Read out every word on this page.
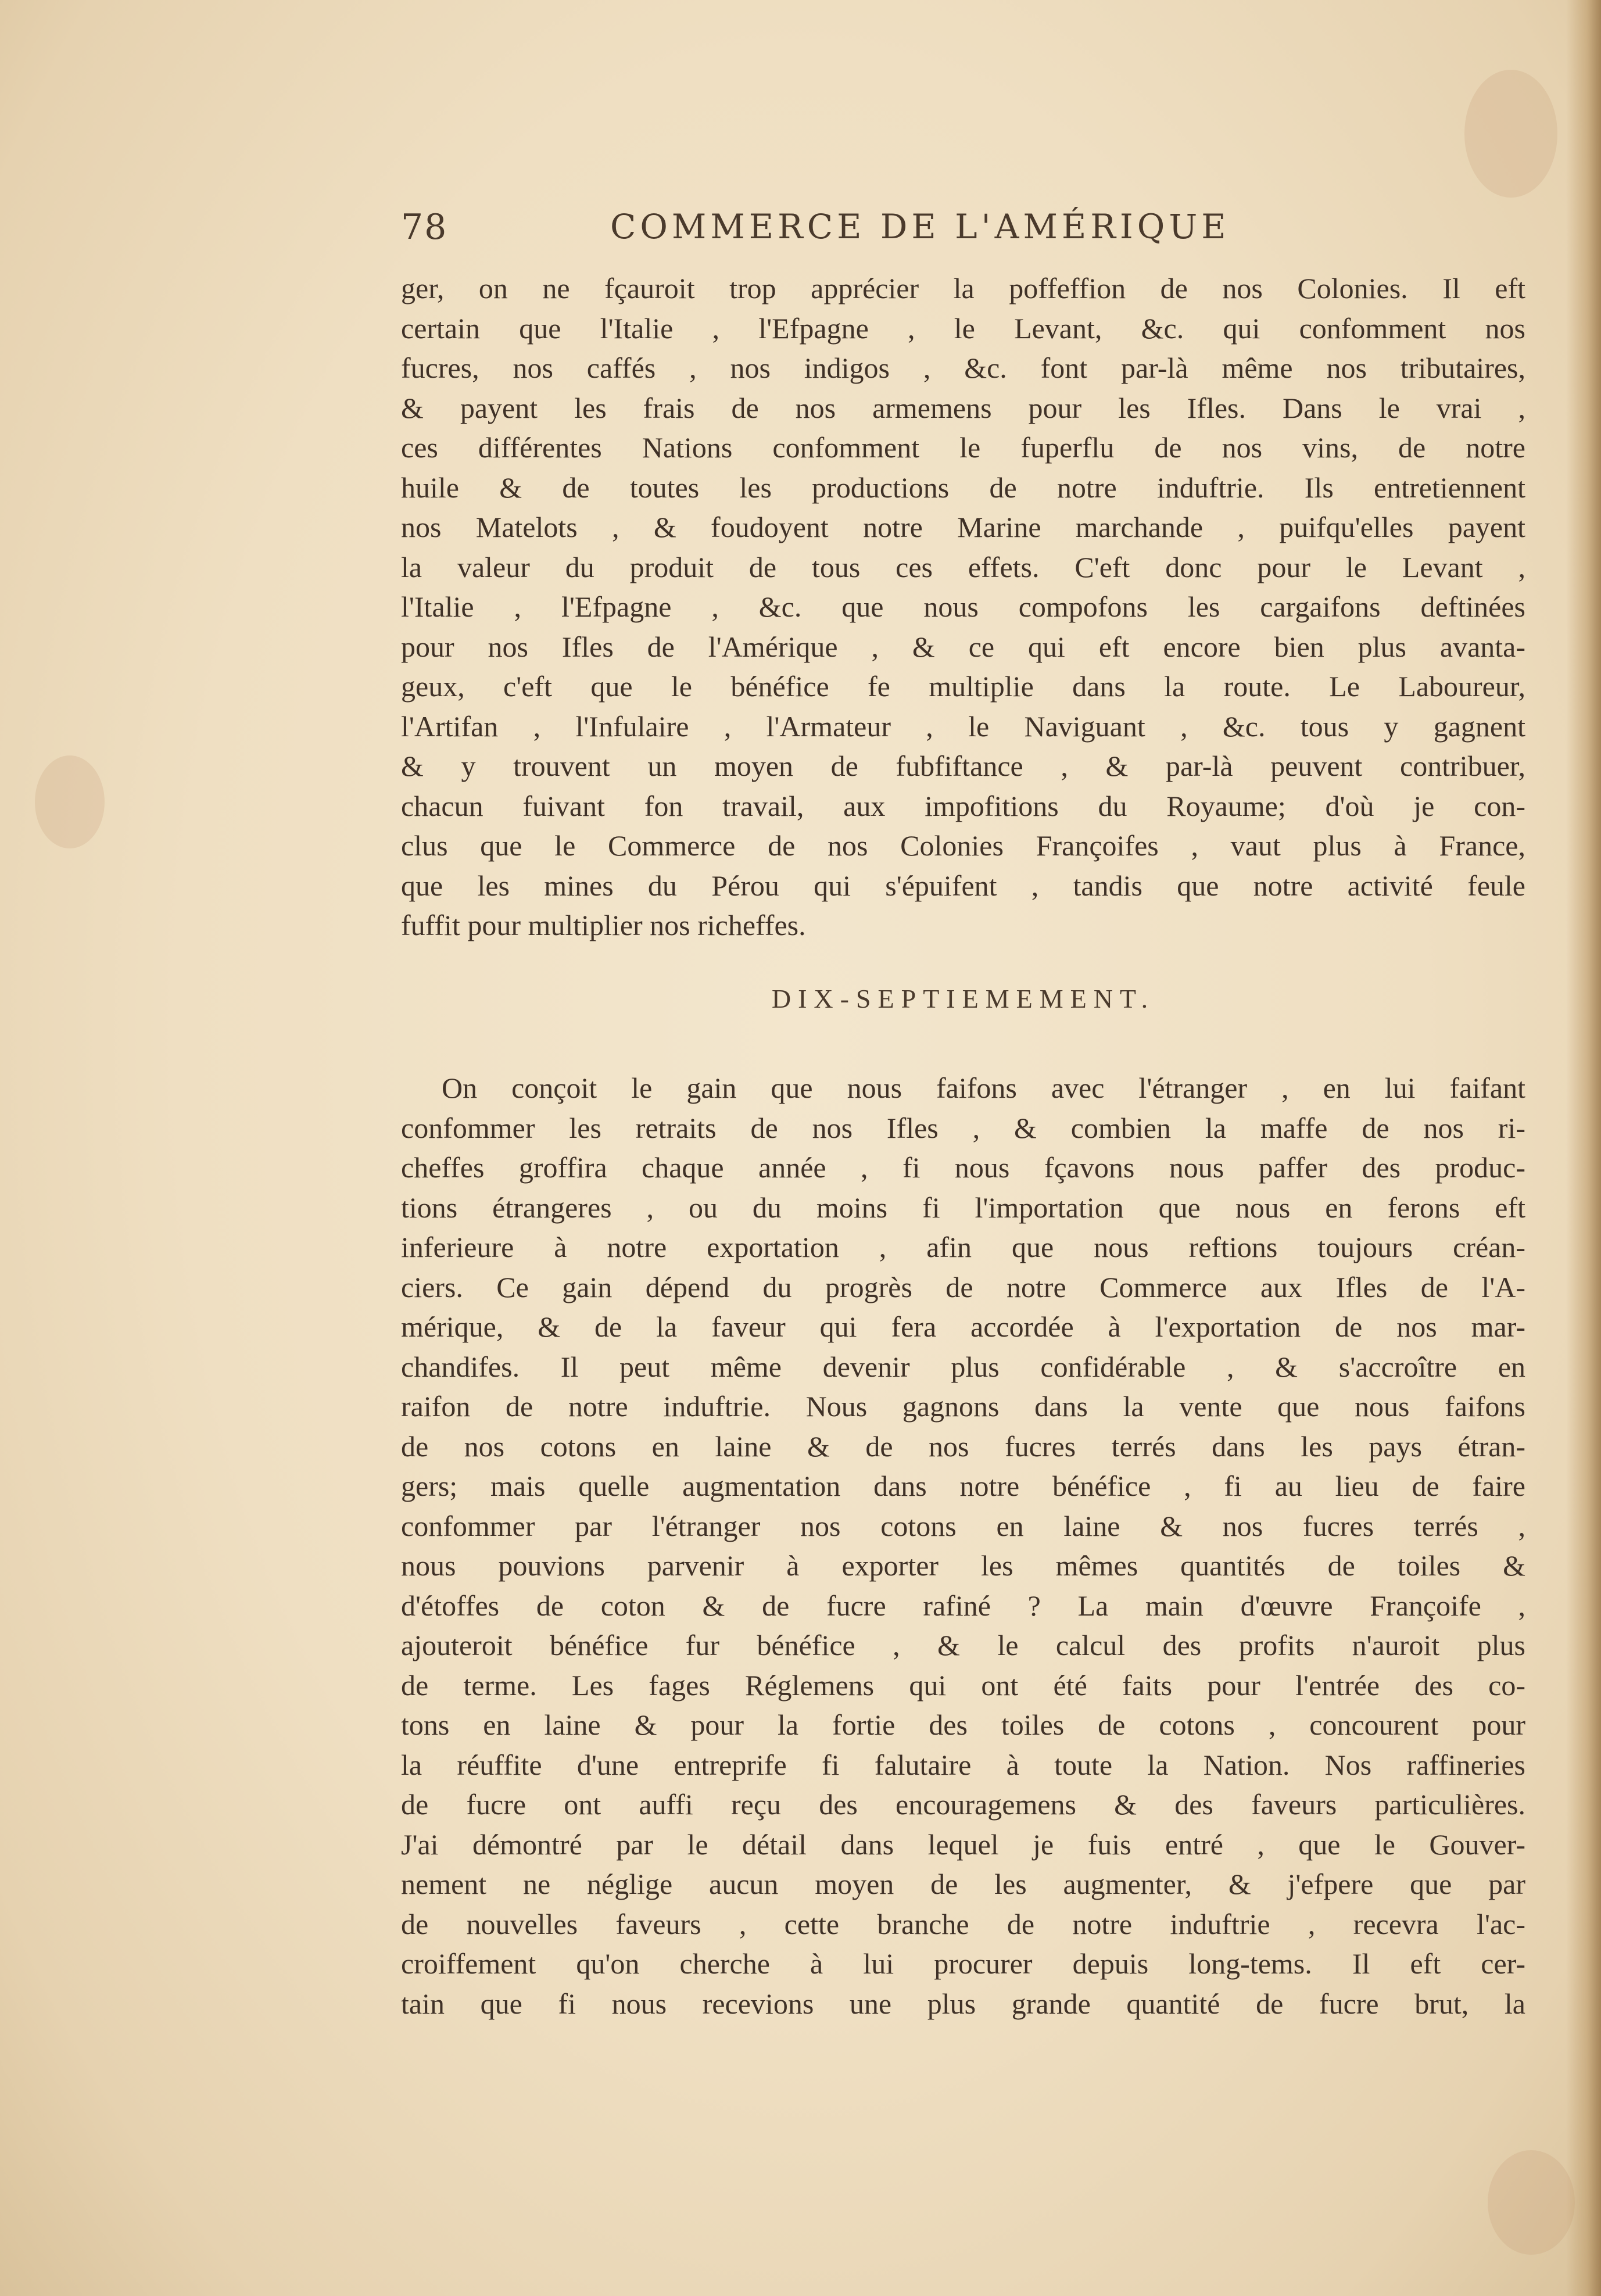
78	COMMERCE DE L'AMÉRIQUE
ger, on ne fçauroit trop apprécier la poffeffion de nos Colonies. Il eft
certain que l'Italie , l'Efpagne , le Levant, &c. qui confomment nos
fucres, nos caffés , nos indigos , &c. font par-là même nos tributaires,
& payent les frais de nos armemens pour les Ifles. Dans le vrai ,
ces différentes Nations confomment le fuperflu de nos vins, de notre
huile & de toutes les productions de notre induftrie. Ils entretiennent
nos Matelots , & foudoyent notre Marine marchande , puifqu'elles payent
la valeur du produit de tous ces effets. C'eft donc pour le Levant ,
l'Italie , l'Efpagne , &c. que nous compofons les cargaifons deftinées
pour nos Ifles de l'Amérique , & ce qui eft encore bien plus avanta-
geux, c'eft que le bénéfice fe multiplie dans la route. Le Laboureur,
l'Artifan , l'Infulaire , l'Armateur , le Naviguant , &c. tous y gagnent
& y trouvent un moyen de fubfiftance , & par-là peuvent contribuer,
chacun fuivant fon travail, aux impofitions du Royaume; d'où je con-
clus que le Commerce de nos Colonies Françoifes , vaut plus à France,
que les mines du Pérou qui s'épuifent , tandis que notre activité feule
fuffit pour multiplier nos richeffes.
DIX-SEPTIEMEMENT.
On conçoit le gain que nous faifons avec l'étranger , en lui faifant
confommer les retraits de nos Ifles , & combien la maffe de nos ri-
cheffes groffira chaque année , fi nous fçavons nous paffer des produc-
tions étrangeres , ou du moins fi l'importation que nous en ferons eft
inferieure à notre exportation , afin que nous reftions toujours créan-
ciers. Ce gain dépend du progrès de notre Commerce aux Ifles de l'A-
mérique, & de la faveur qui fera accordée à l'exportation de nos mar-
chandifes. Il peut même devenir plus confidérable , & s'accroître en
raifon de notre induftrie. Nous gagnons dans la vente que nous faifons
de nos cotons en laine & de nos fucres terrés dans les pays étran-
gers; mais quelle augmentation dans notre bénéfice , fi au lieu de faire
confommer par l'étranger nos cotons en laine & nos fucres terrés ,
nous pouvions parvenir à exporter les mêmes quantités de toiles &
d'étoffes de coton & de fucre rafiné ? La main d'œuvre Françoife ,
ajouteroit bénéfice fur bénéfice , & le calcul des profits n'auroit plus
de terme. Les fages Réglemens qui ont été faits pour l'entrée des co-
tons en laine & pour la fortie des toiles de cotons , concourent pour
la réuffite d'une entreprife fi falutaire à toute la Nation. Nos raffineries
de fucre ont auffi reçu des encouragemens & des faveurs particulières.
J'ai démontré par le détail dans lequel je fuis entré , que le Gouver-
nement ne néglige aucun moyen de les augmenter, & j'efpere que par
de nouvelles faveurs , cette branche de notre induftrie , recevra l'ac-
croiffement qu'on cherche à lui procurer depuis long-tems. Il eft cer-
tain que fi nous recevions une plus grande quantité de fucre brut, la
